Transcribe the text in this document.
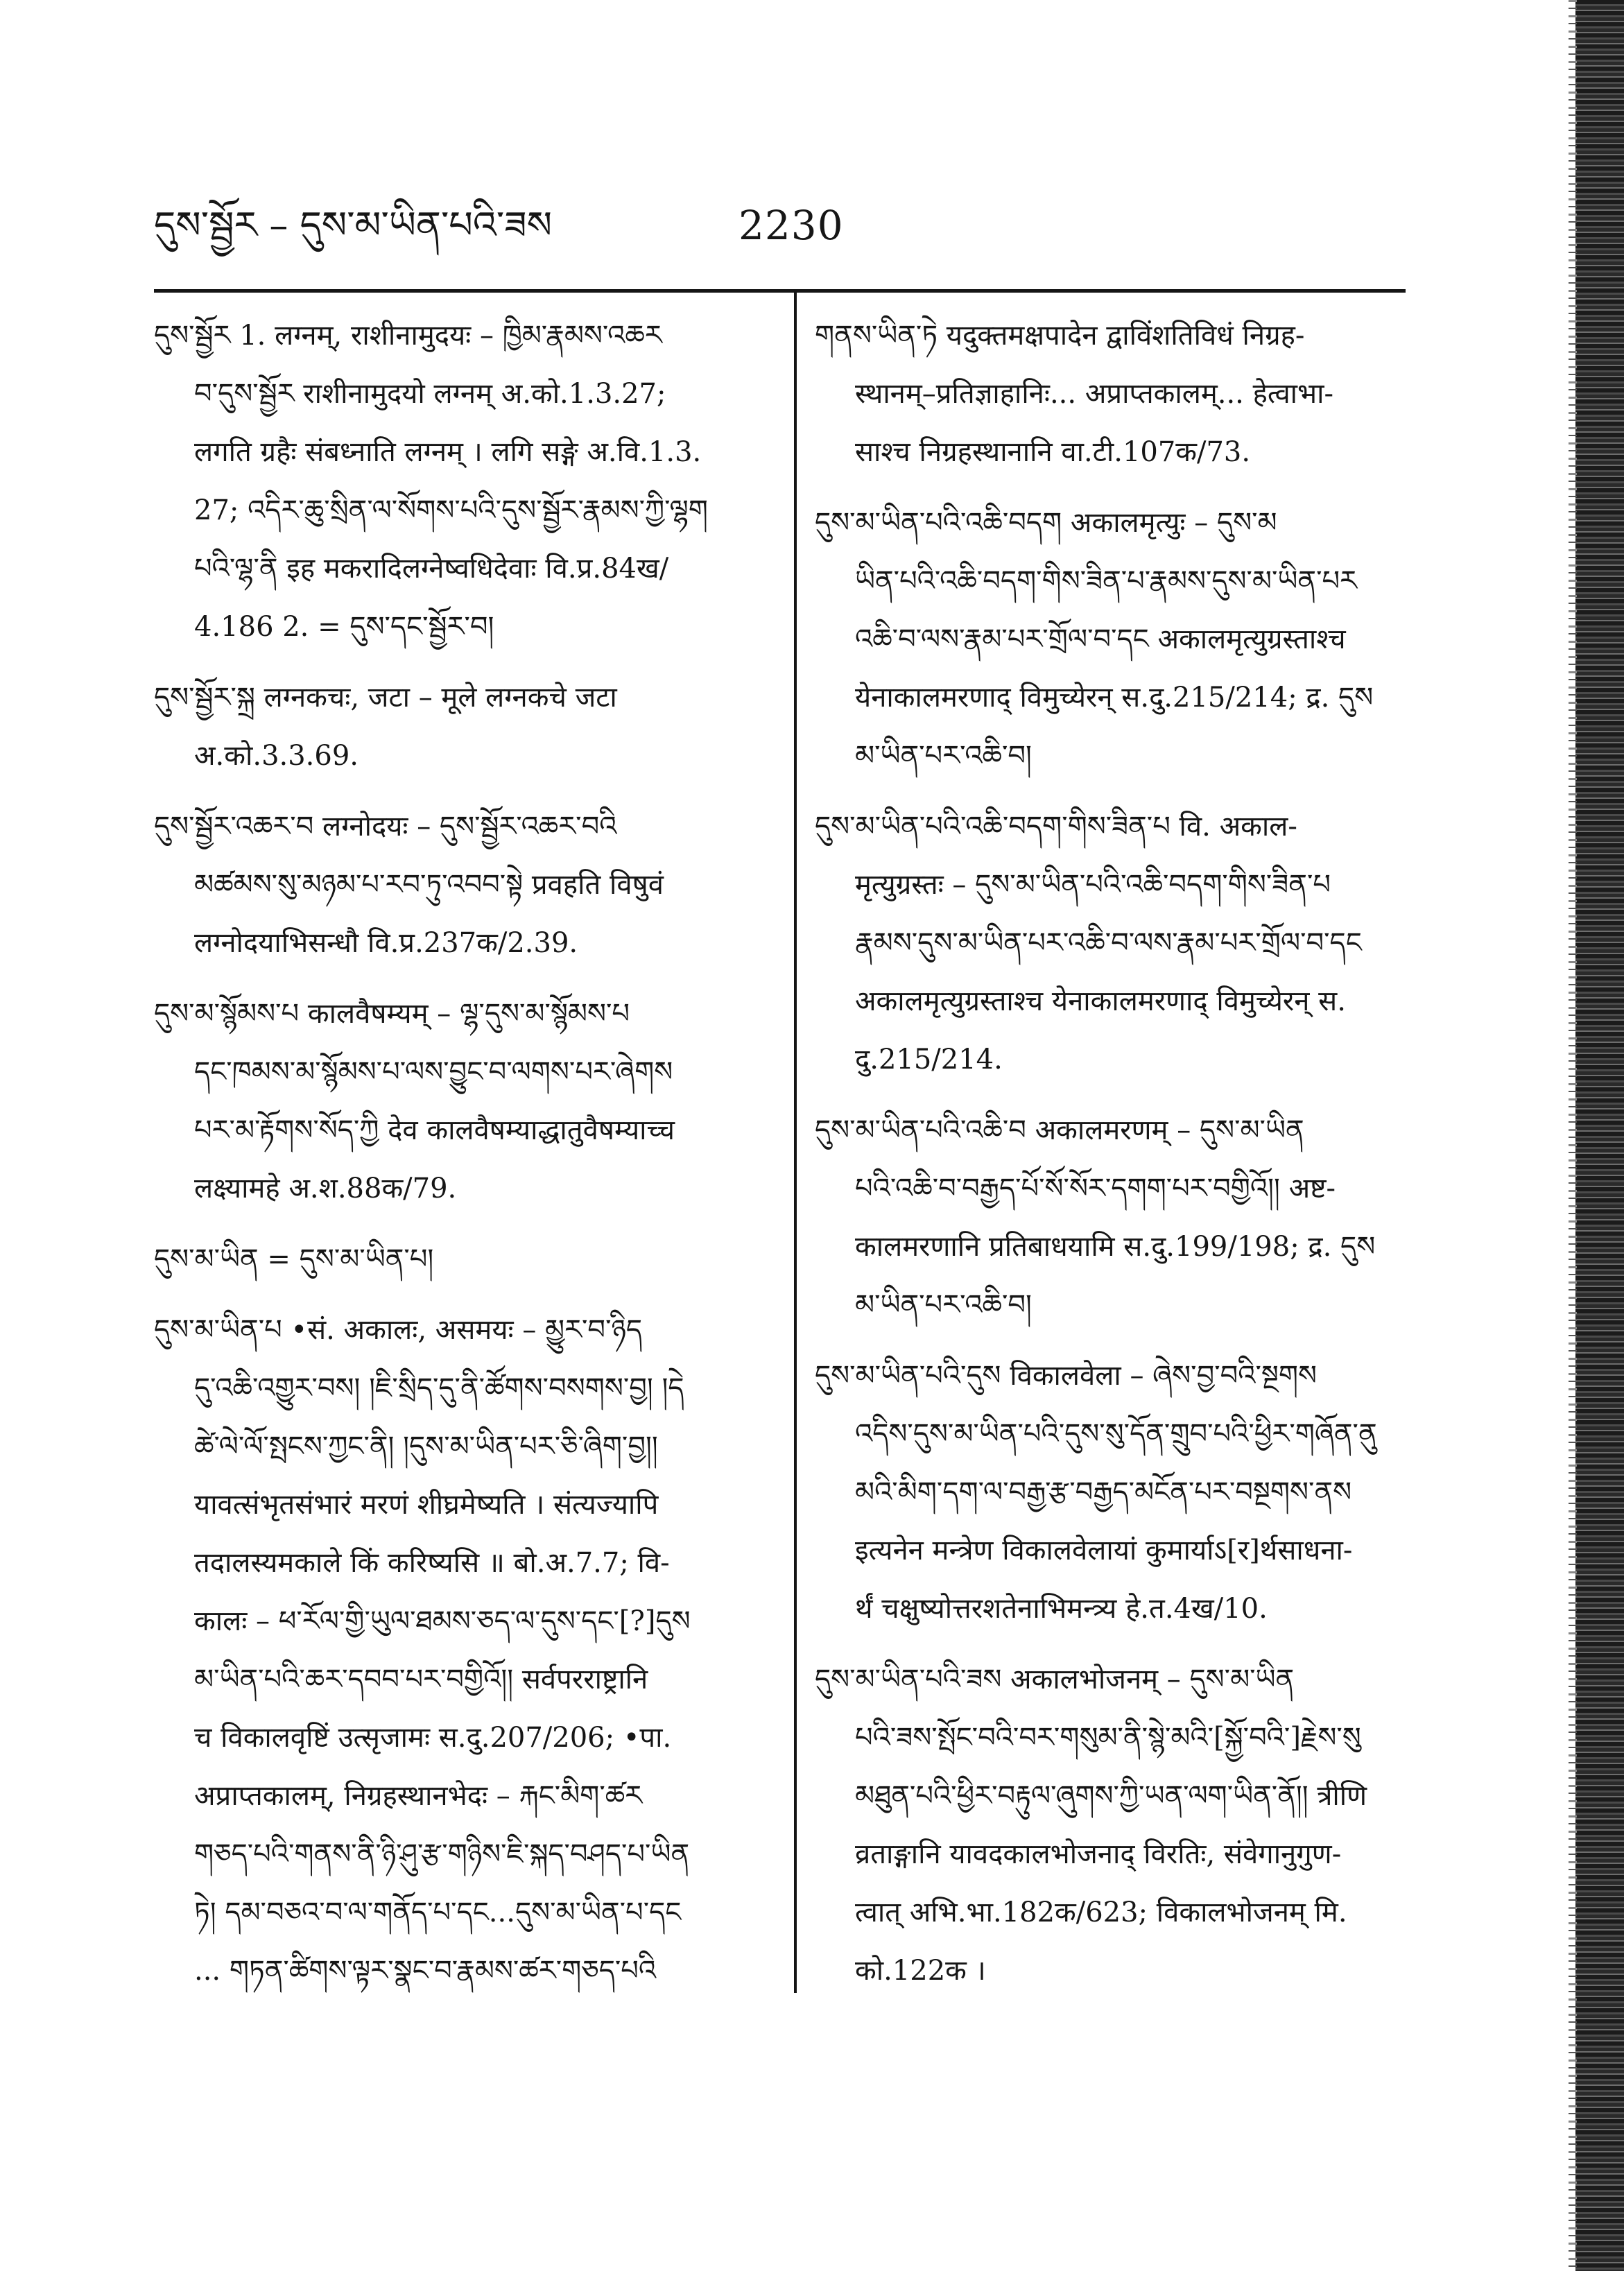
དུས་སྦྱོར – དུས་མ་ཡིན་པའི་ཟས	2230
དུས་སྦྱོར 1. लग्नम्, राशीनामुदयः – ཁྱིམ་རྣམས་འཆར
བ་དུས་སྦྱོར राशीनामुदयो लग्नम् अ.को.1.3.27;
लगति ग्रहैः संबध्नाति लग्नम् । लगि सङ्गे अ.वि.1.3.
27; འདིར་ཆུ་སྲིན་ལ་སོགས་པའི་དུས་སྦྱོར་རྣམས་ཀྱི་ལྷག
པའི་ལྷ་ནི इह मकरादिलग्नेष्वधिदेवाः वि.प्र.84ख/
4.186 2. = དུས་དང་སྦྱོར་བ།
དུས་སྦྱོར་སྐྲ लग्नकचः, जटा – मूले लग्नकचे जटा
अ.को.3.3.69.
དུས་སྦྱོར་འཆར་བ लग्नोदयः – དུས་སྦྱོར་འཆར་བའི
མཚམས་སུ་མཉམ་པ་རབ་ཏུ་འབབ་སྟེ प्रवहति विषुवं
लग्नोदयाभिसन्धौ वि.प्र.237क/2.39.
དུས་མ་སྙོམས་པ कालवैषम्यम् – ལྷ་དུས་མ་སྙོམས་པ
དང་ཁམས་མ་སྙོམས་པ་ལས་བྱུང་བ་ལགས་པར་ཞེགས
པར་མ་རྟོགས་སོད་ཀྱི देव कालवैषम्याद्धातुवैषम्याच्च
लक्ष्यामहे अ.श.88क/79.
དུས་མ་ཡིན = དུས་མ་ཡིན་པ།
དུས་མ་ཡིན་པ •सं. अकालः, असमयः – མྱུར་བ་ཉིད
དུ་འཆི་འགྱུར་བས། །ཇི་སྲིད་དུ་ནི་ཚོགས་བསགས་བྱ། །དེ
ཚེ་ལེ་ལོ་སྤངས་ཀྱང་ནི། །དུས་མ་ཡིན་པར་ཅི་ཞིག་བྱ།།
यावत्संभृतसंभारं मरणं शीघ्रमेष्यति । संत्यज्यापि
तदालस्यमकाले किं करिष्यसि ॥ बो.अ.7.7; वि-
कालः – ཕ་རོལ་གྱི་ཡུལ་ཐམས་ཅད་ལ་དུས་དང་[?]དུས
མ་ཡིན་པའི་ཆར་དབབ་པར་བགྱིའོ།། सर्वपरराष्ट्रानि
च विकालवृष्टिं उत्सृजामः स.दु.207/206; •पा.
अप्राप्तकालम्, निग्रहस्थानभेदः – རྐང་མིག་ཚར
གཅད་པའི་གནས་ནི་ཉི་ཤུ་རྩ་གཉིས་ཇི་སྐད་བཤད་པ་ཡིན
ཏེ། དམ་བཅའ་བ་ལ་གནོད་པ་དང...དུས་མ་ཡིན་པ་དང
... གཏན་ཚིགས་ལྟར་སྣང་བ་རྣམས་ཚར་གཅད་པའི
གནས་ཡིན་ཏེ यदुक्तमक्षपादेन द्वाविंशतिविधं निग्रह-
स्थानम्–प्रतिज्ञाहानिः... अप्राप्तकालम्... हेत्वाभा-
साश्च निग्रहस्थानानि वा.टी.107क/73.
དུས་མ་ཡིན་པའི་འཆི་བདག अकालमृत्युः – དུས་མ
ཡིན་པའི་འཆི་བདག་གིས་ཟིན་པ་རྣམས་དུས་མ་ཡིན་པར
འཆི་བ་ལས་རྣམ་པར་གྲོལ་བ་དང अकालमृत्युग्रस्ताश्च
येनाकालमरणाद् विमुच्येरन् स.दु.215/214; द्र. དུས
མ་ཡིན་པར་འཆི་བ།
དུས་མ་ཡིན་པའི་འཆི་བདག་གིས་ཟིན་པ वि. अकाल-
मृत्युग्रस्तः – དུས་མ་ཡིན་པའི་འཆི་བདག་གིས་ཟིན་པ
རྣམས་དུས་མ་ཡིན་པར་འཆི་བ་ལས་རྣམ་པར་གྲོལ་བ་དང
अकालमृत्युग्रस्ताश्च येनाकालमरणाद् विमुच्येरन् स.
दु.215/214.
དུས་མ་ཡིན་པའི་འཆི་བ अकालमरणम् – དུས་མ་ཡིན
པའི་འཆི་བ་བརྒྱད་པོ་སོ་སོར་དགག་པར་བགྱིའོ།། अष्ट-
कालमरणानि प्रतिबाधयामि स.दु.199/198; द्र. དུས
མ་ཡིན་པར་འཆི་བ།
དུས་མ་ཡིན་པའི་དུས विकालवेला – ཞེས་བྱ་བའི་སྔགས
འདིས་དུས་མ་ཡིན་པའི་དུས་སུ་དོན་གྲུབ་པའི་ཕྱིར་གཞོན་ནུ
མའི་མིག་དག་ལ་བརྒྱ་རྩ་བརྒྱད་མངོན་པར་བསྔགས་ནས
इत्यनेन मन्त्रेण विकालवेलायां कुमार्याऽ[र]र्थसाधना-
र्थं चक्षुष्योत्तरशतेनाभिमन्त्र्य हे.त.4ख/10.
དུས་མ་ཡིན་པའི་ཟས अकालभोजनम् – དུས་མ་ཡིན
པའི་ཟས་སྤོང་བའི་བར་གསུམ་ནི་སྙེ་མའི་[སྐྱོ་བའི་]རྗེས་སུ
མཐུན་པའི་ཕྱིར་བརྟུལ་ཞུགས་ཀྱི་ཡན་ལག་ཡིན་ནོ།། त्रीणि
व्रताङ्गानि यावदकालभोजनाद् विरतिः, संवेगानुगुण-
त्वात् अभि.भा.182क/623; विकालभोजनम् मि.
को.122क ।
